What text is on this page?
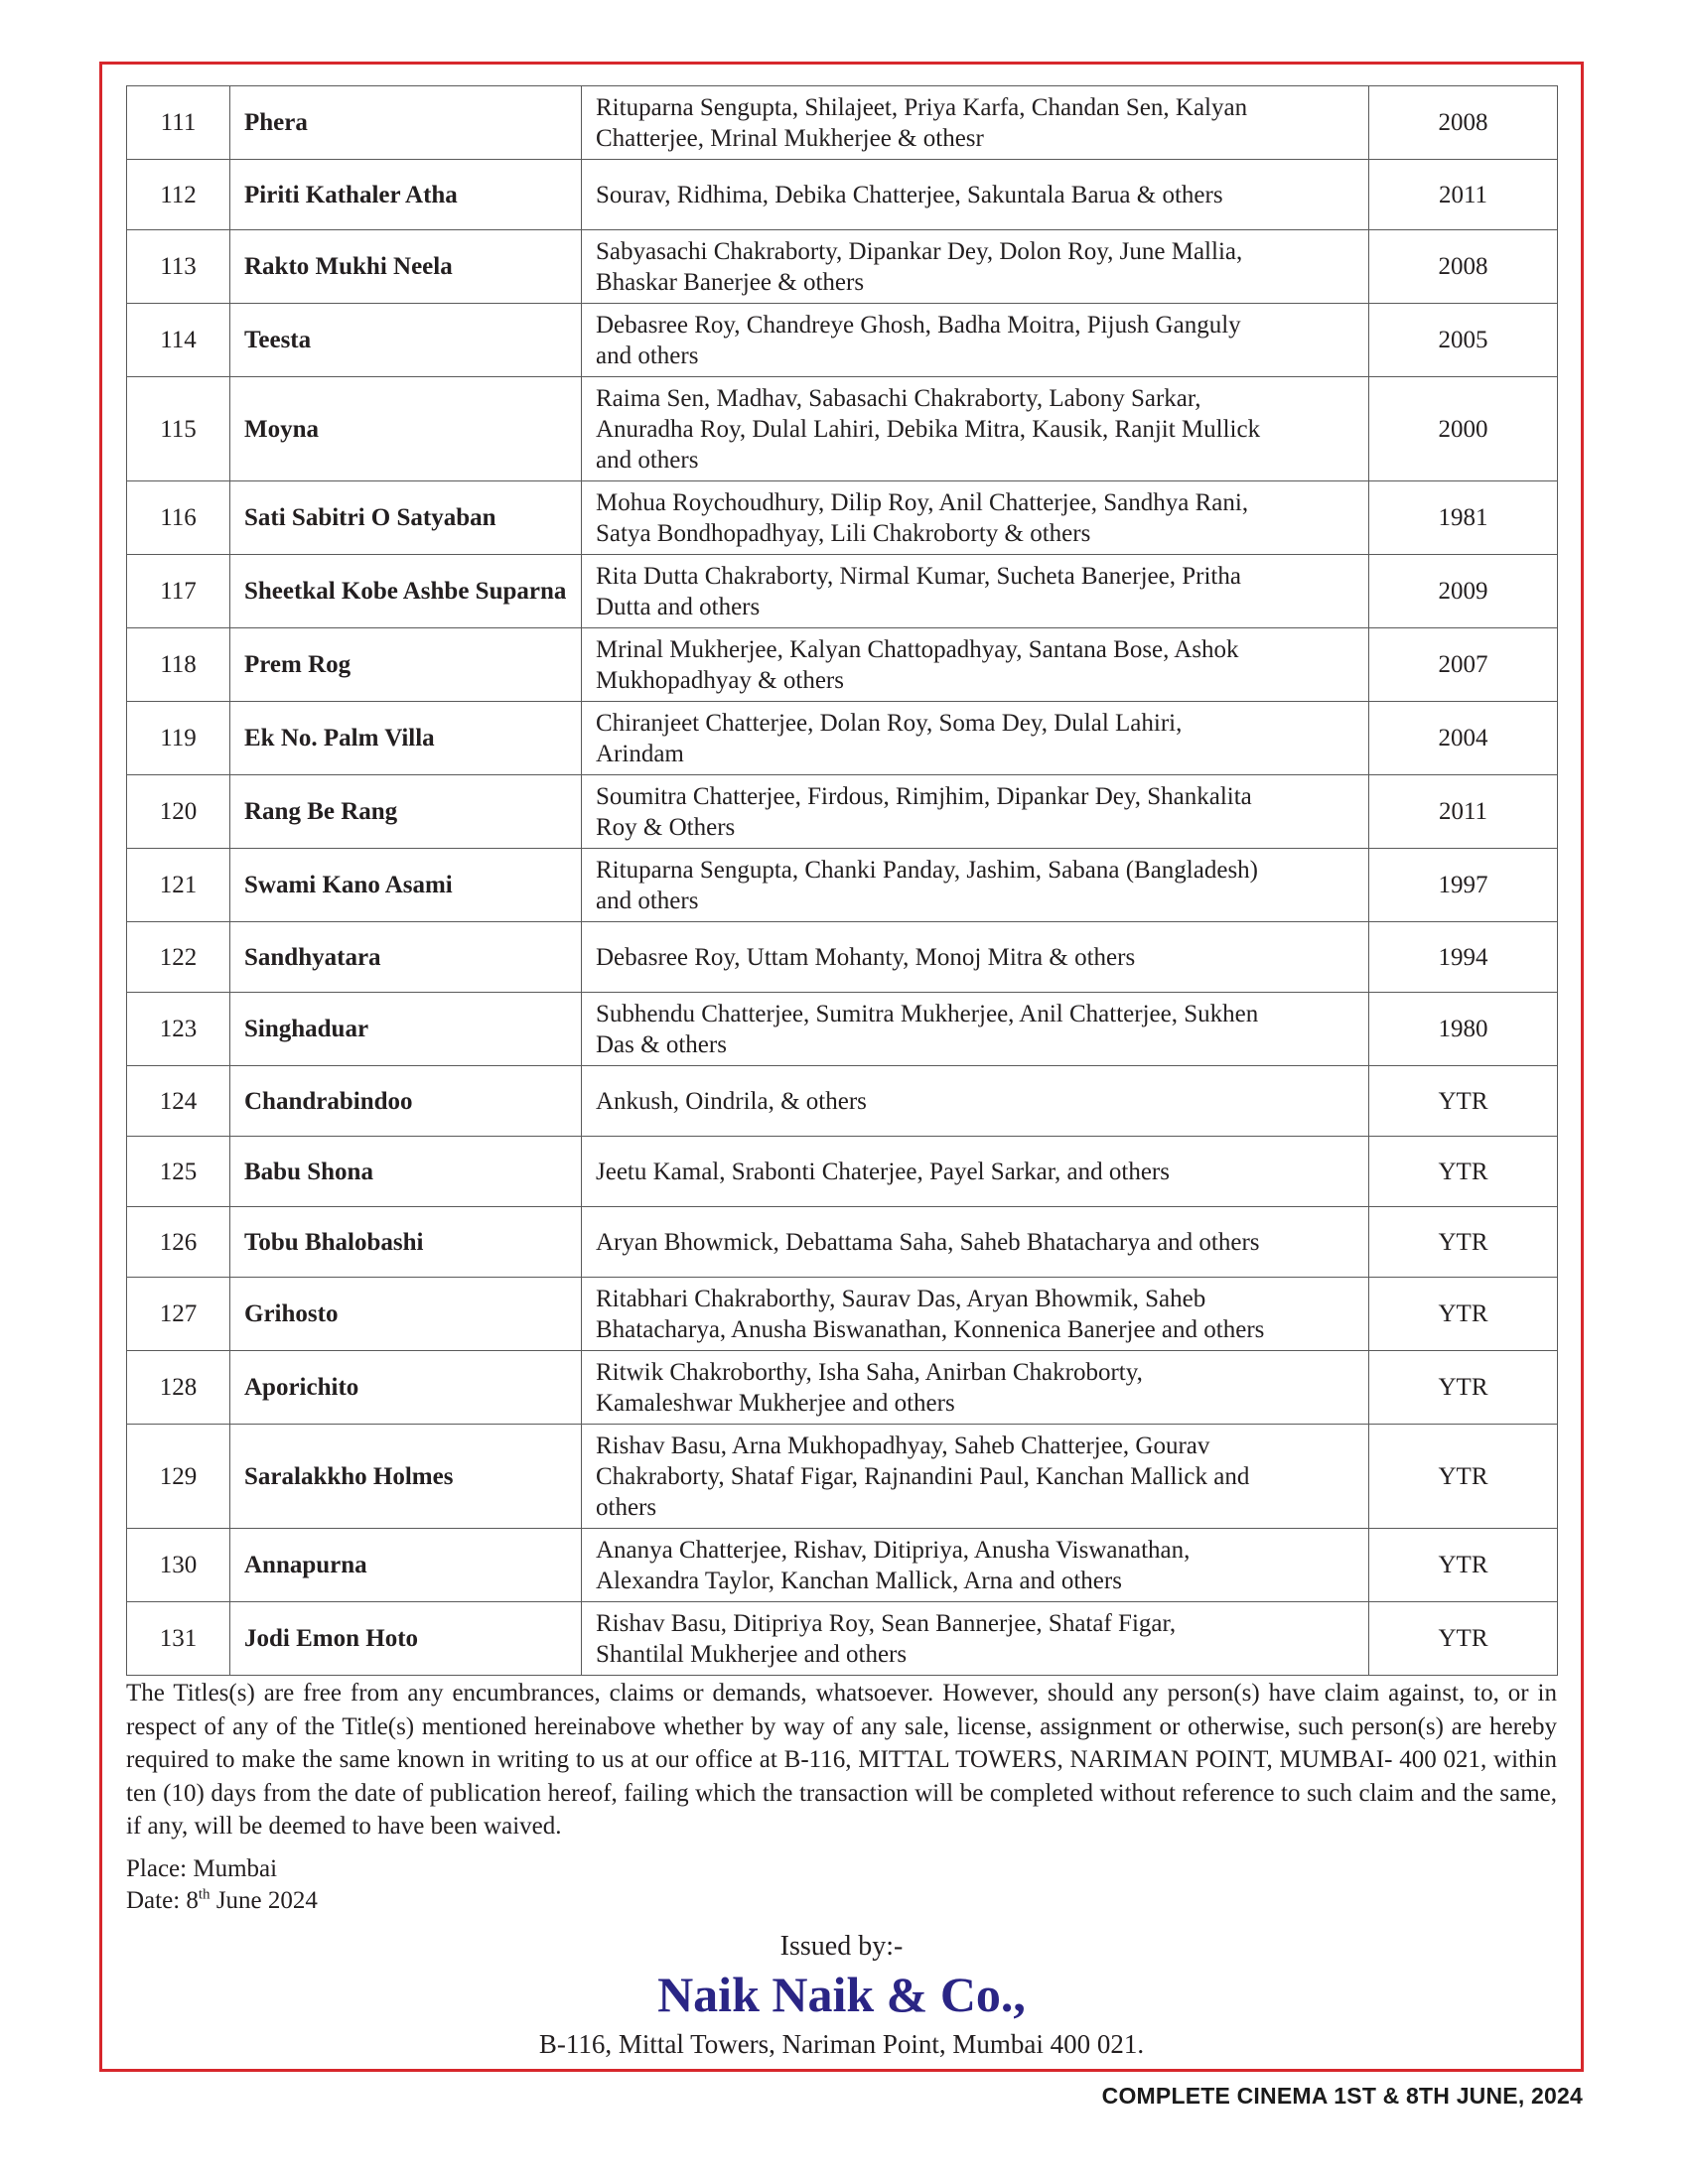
111	Phera	Rituparna Sengupta, Shilajeet, Priya Karfa, Chandan Sen, Kalyan
Chatterjee, Mrinal Mukherjee & othesr	2008
112	Piriti Kathaler Atha	Sourav, Ridhima, Debika Chatterjee, Sakuntala Barua & others	2011
113	Rakto Mukhi Neela	Sabyasachi Chakraborty, Dipankar Dey, Dolon Roy, June Mallia,
Bhaskar Banerjee & others	2008
114	Teesta	Debasree Roy, Chandreye Ghosh, Badha Moitra, Pijush Ganguly
and others	2005
115	Moyna	Raima Sen, Madhav, Sabasachi Chakraborty, Labony Sarkar,
Anuradha Roy, Dulal Lahiri, Debika Mitra, Kausik, Ranjit Mullick
and others	2000
116	Sati Sabitri O Satyaban	Mohua Roychoudhury, Dilip Roy, Anil Chatterjee, Sandhya Rani,
Satya Bondhopadhyay, Lili Chakroborty & others	1981
117	Sheetkal Kobe Ashbe Suparna	Rita Dutta Chakraborty, Nirmal Kumar, Sucheta Banerjee, Pritha
Dutta and others	2009
118	Prem Rog	Mrinal Mukherjee, Kalyan Chattopadhyay, Santana Bose, Ashok
Mukhopadhyay & others	2007
119	Ek No. Palm Villa	Chiranjeet Chatterjee, Dolan Roy, Soma Dey, Dulal Lahiri,
Arindam	2004
120	Rang Be Rang	Soumitra Chatterjee, Firdous, Rimjhim, Dipankar Dey, Shankalita
Roy & Others	2011
121	Swami Kano Asami	Rituparna Sengupta, Chanki Panday, Jashim, Sabana (Bangladesh)
and others	1997
122	Sandhyatara	Debasree Roy, Uttam Mohanty, Monoj Mitra & others	1994
123	Singhaduar	Subhendu Chatterjee, Sumitra Mukherjee, Anil Chatterjee, Sukhen
Das & others	1980
124	Chandrabindoo	Ankush, Oindrila, & others	YTR
125	Babu Shona	Jeetu Kamal, Srabonti Chaterjee, Payel Sarkar, and others	YTR
126	Tobu Bhalobashi	Aryan Bhowmick, Debattama Saha, Saheb Bhatacharya and others	YTR
127	Grihosto	Ritabhari Chakraborthy, Saurav Das, Aryan Bhowmik, Saheb
Bhatacharya, Anusha Biswanathan, Konnenica Banerjee and others	YTR
128	Aporichito	Ritwik Chakroborthy, Isha Saha, Anirban Chakroborty,
Kamaleshwar Mukherjee and others	YTR
129	Saralakkho Holmes	Rishav Basu, Arna Mukhopadhyay, Saheb Chatterjee, Gourav
Chakraborty, Shataf Figar, Rajnandini Paul, Kanchan Mallick and
others	YTR
130	Annapurna	Ananya Chatterjee, Rishav, Ditipriya, Anusha Viswanathan,
Alexandra Taylor, Kanchan Mallick, Arna and others	YTR
131	Jodi Emon Hoto	Rishav Basu, Ditipriya Roy, Sean Bannerjee, Shataf Figar,
Shantilal Mukherjee and others	YTR

The Titles(s) are free from any encumbrances, claims or demands, whatsoever. However, should any person(s) have claim against, to, or in respect of any of the Title(s) mentioned hereinabove whether by way of any sale, license, assignment or otherwise, such person(s) are hereby required to make the same known in writing to us at our office at B-116, MITTAL TOWERS, NARIMAN POINT, MUMBAI- 400 021, within ten (10) days from the date of publication hereof, failing which the transaction will be completed without reference to such claim and the same, if any, will be deemed to have been waived.

Place: Mumbai
Date: 8th June 2024
Issued by:-
Naik Naik & Co.,
B-116, Mittal Towers, Nariman Point, Mumbai 400 021.
COMPLETE CINEMA 1ST & 8TH JUNE, 2024
